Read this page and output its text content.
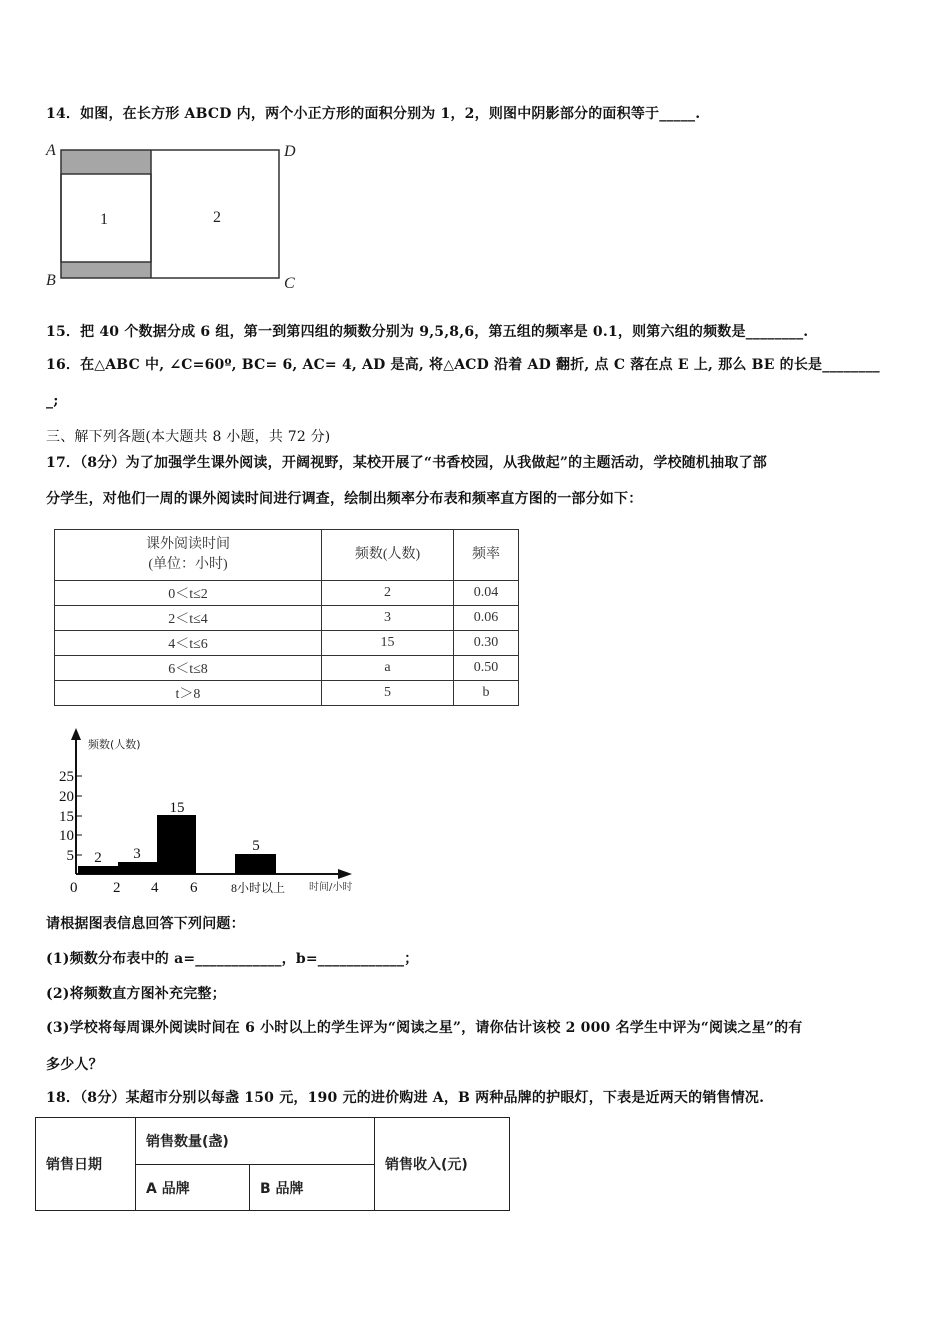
14．如图，在长方形 ABCD 内，两个小正方形的面积分别为 1，2，则图中阴影部分的面积等于_____.
A
B	C
D
1	2
15．把 40 个数据分成 6 组，第一到第四组的频数分别为 9,5,8,6，第五组的频率是 0.1，则第六组的频数是________.
16．在△ABC 中, ∠C=60º, BC= 6, AC= 4, AD 是高, 将△ACD 沿着 AD 翻折, 点 C 落在点 E 上, 那么 BE 的长是________
_;
三、解下列各题(本大题共 8 小题，共 72 分)
17．（8分）为了加强学生课外阅读，开阔视野，某校开展了“书香校园，从我做起”的主题活动，学校随机抽取了部
分学生，对他们一周的课外阅读时间进行调查，绘制出频率分布表和频率直方图的一部分如下：
课外阅读时间
(单位：小时)	频数(人数)	频率
0＜t≤2	2	0.04
2＜t≤4	3	0.06
4＜t≤6	15	0.30
6＜t≤8	a	0.50
t＞8	5	b
5
10
15
20
25
频数(人数)
2 3
15
5
0 2 4 6	8小时以上 时间/小时
请根据图表信息回答下列问题：
(1)频数分布表中的 a=____________，b=____________；
(2)将频数直方图补充完整；
(3)学校将每周课外阅读时间在 6 小时以上的学生评为“阅读之星”，请你估计该校 2 000 名学生中评为“阅读之星”的有
多少人？
18．（8分）某超市分别以每盏 150 元，190 元的进价购进 A，B 两种品牌的护眼灯，下表是近两天的销售情况.
销售日期	销售数量(盏)		销售收入(元)
	A 品牌	B 品牌	
